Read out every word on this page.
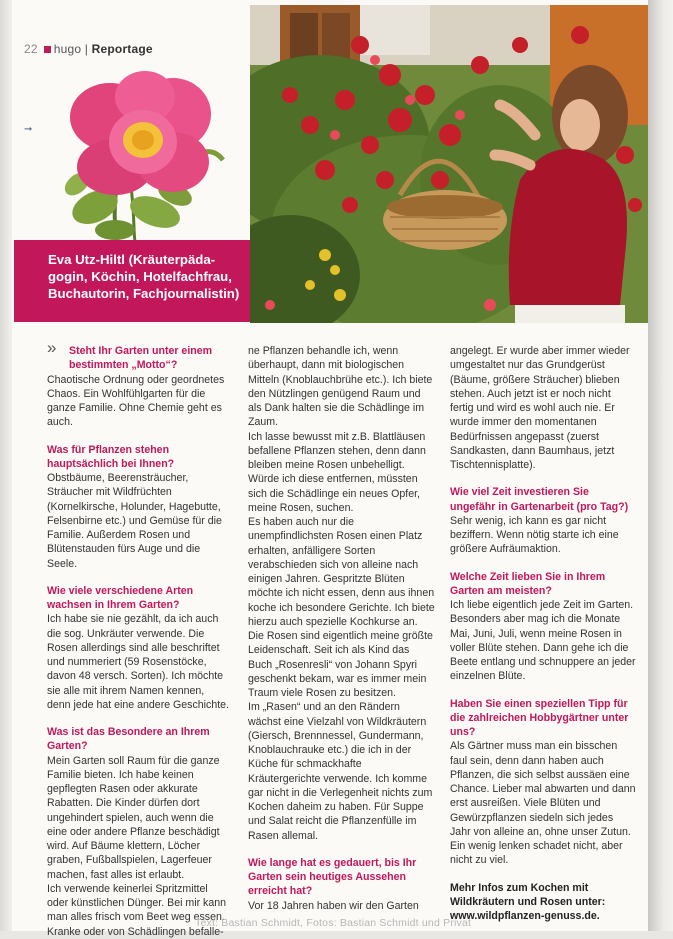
22 hugo | Reportage
➞
Eva Utz-Hiltl (Kräuterpäda-
gogin, Köchin, Hotelfachfrau,
Buchautorin, Fachjournalistin)

» Steht Ihr Garten unter einem bestimmten „Motto“?

Chaotische Ordnung oder geordnetes Chaos. Ein Wohlfühlgarten für die ganze Familie. Ohne Chemie geht es auch.

Was für Pflanzen stehen hauptsächlich bei Ihnen?

Obstbäume, Beerensträucher, Sträucher mit Wildfrüchten (Kornelkirsche, Holunder, Hagebutte, Felsenbirne etc.) und Gemüse für die Familie. Außerdem Rosen und Blütenstauden fürs Auge und die Seele.

Wie viele verschiedene Arten wachsen in Ihrem Garten?

Ich habe sie nie gezählt, da ich auch die sog. Unkräuter verwende. Die Rosen allerdings sind alle beschriftet und nummeriert (59 Rosenstöcke, davon 48 versch. Sorten). Ich möchte sie alle mit ihrem Namen kennen, denn jede hat eine andere Geschichte.

Was ist das Besondere an Ihrem Garten?

Mein Garten soll Raum für die ganze Familie bieten. Ich habe keinen gepflegten Rasen oder akkurate Rabatten. Die Kinder dürfen dort ungehindert spielen, auch wenn die eine oder andere Pflanze beschädigt wird. Auf Bäume klettern, Löcher graben, Fußballspielen, Lagerfeuer machen, fast alles ist erlaubt.

Ich verwende keinerlei Spritzmittel oder künstlichen Dünger. Bei mir kann man alles frisch vom Beet weg essen. Kranke oder von Schädlingen befalle-

ne Pflanzen behandle ich, wenn überhaupt, dann mit biologischen Mitteln (Knoblauchbrühe etc.). Ich biete den Nützlingen genügend Raum und als Dank halten sie die Schädlinge im Zaum.

Ich lasse bewusst mit z.B. Blattläusen befallene Pflanzen stehen, denn dann bleiben meine Rosen unbehelligt. Würde ich diese entfernen, müssten sich die Schädlinge ein neues Opfer, meine Rosen, suchen.

Es haben auch nur die unempfindlichsten Rosen einen Platz erhalten, anfälligere Sorten verabschieden sich von alleine nach einigen Jahren. Gespritzte Blüten möchte ich nicht essen, denn aus ihnen koche ich besondere Gerichte. Ich biete hierzu auch spezielle Kochkurse an. Die Rosen sind eigentlich meine größte Leidenschaft. Seit ich als Kind das Buch „Rosenresli“ von Johann Spyri geschenkt bekam, war es immer mein Traum viele Rosen zu besitzen.

Im „Rasen“ und an den Rändern wächst eine Vielzahl von Wildkräutern (Giersch, Brennnessel, Gundermann, Knoblauchrauke etc.) die ich in der Küche für schmackhafte Kräutergerichte verwende. Ich komme gar nicht in die Verlegenheit nichts zum Kochen daheim zu haben. Für Suppe und Salat reicht die Pflanzenfülle im Rasen allemal.

Wie lange hat es gedauert, bis Ihr Garten sein heutiges Aussehen erreicht hat?

Vor 18 Jahren haben wir den Garten

angelegt. Er wurde aber immer wieder umgestaltet nur das Grundgerüst (Bäume, größere Sträucher) blieben stehen. Auch jetzt ist er noch nicht fertig und wird es wohl auch nie. Er wurde immer den momentanen Bedürfnissen angepasst (zuerst Sandkasten, dann Baumhaus, jetzt Tischtennisplatte).

Wie viel Zeit investieren Sie ungefähr in Gartenarbeit (pro Tag?)

Sehr wenig, ich kann es gar nicht beziffern. Wenn nötig starte ich eine größere Aufräumaktion.

Welche Zeit lieben Sie in Ihrem Garten am meisten?

Ich liebe eigentlich jede Zeit im Garten. Besonders aber mag ich die Monate Mai, Juni, Juli, wenn meine Rosen in voller Blüte stehen. Dann gehe ich die Beete entlang und schnuppere an jeder einzelnen Blüte.

Haben Sie einen speziellen Tipp für die zahlreichen Hobbygärtner unter uns?

Als Gärtner muss man ein bisschen faul sein, denn dann haben auch Pflanzen, die sich selbst aussäen eine Chance. Lieber mal abwarten und dann erst ausreißen. Viele Blüten und Gewürzpflanzen siedeln sich jedes Jahr von alleine an, ohne unser Zutun. Ein wenig lenken schadet nicht, aber nicht zu viel.

Mehr Infos zum Kochen mit Wildkräutern und Rosen unter: www.wildpflanzen-genuss.de.

Text: Bastian Schmidt, Fotos: Bastian Schmidt und Privat
